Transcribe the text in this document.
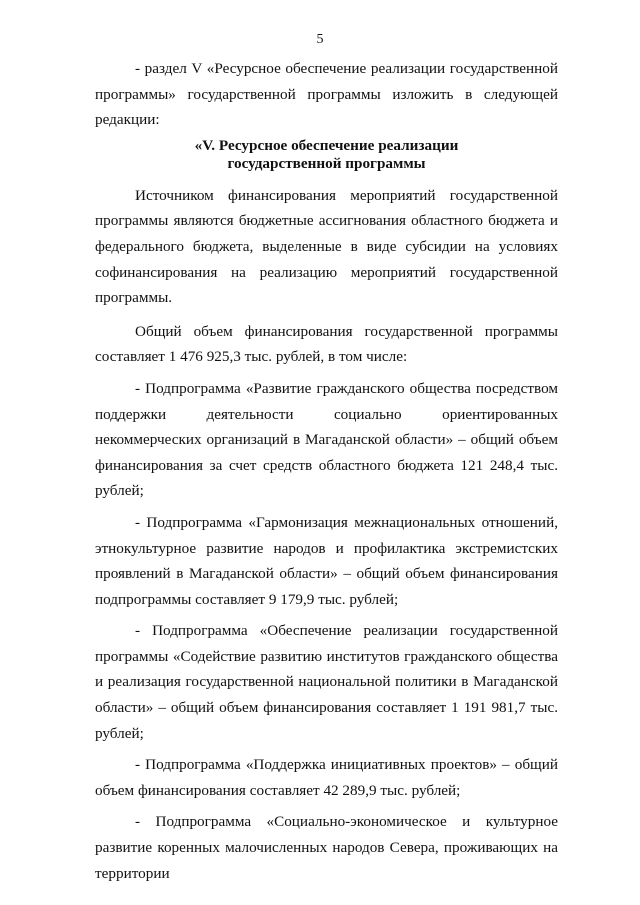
5

- раздел V «Ресурсное обеспечение реализации государственной программы» государственной программы изложить в следующей редакции:

«V. Ресурсное обеспечение реализации
государственной программы

Источником финансирования мероприятий государственной программы являются бюджетные ассигнования областного бюджета и федерального бюджета, выделенные в виде субсидии на условиях софинансирования на реализацию мероприятий государственной программы.

Общий объем финансирования государственной программы составляет 1 476 925,3 тыс. рублей, в том числе:

- Подпрограмма «Развитие гражданского общества посредством поддержки деятельности социально ориентированных некоммерческих организаций в Магаданской области» – общий объем финансирования за счет средств областного бюджета 121 248,4 тыс. рублей;

- Подпрограмма «Гармонизация межнациональных отношений, этнокультурное развитие народов и профилактика экстремистских проявлений в Магаданской области» – общий объем финансирования подпрограммы составляет 9 179,9 тыс. рублей;

- Подпрограмма «Обеспечение реализации государственной программы «Содействие развитию институтов гражданского общества и реализация государственной национальной политики в Магаданской области» – общий объем финансирования составляет 1 191 981,7 тыс. рублей;

- Подпрограмма «Поддержка инициативных проектов» – общий объем финансирования составляет 42 289,9 тыс. рублей;

- Подпрограмма «Социально-экономическое и культурное развитие коренных малочисленных народов Севера, проживающих на территории
